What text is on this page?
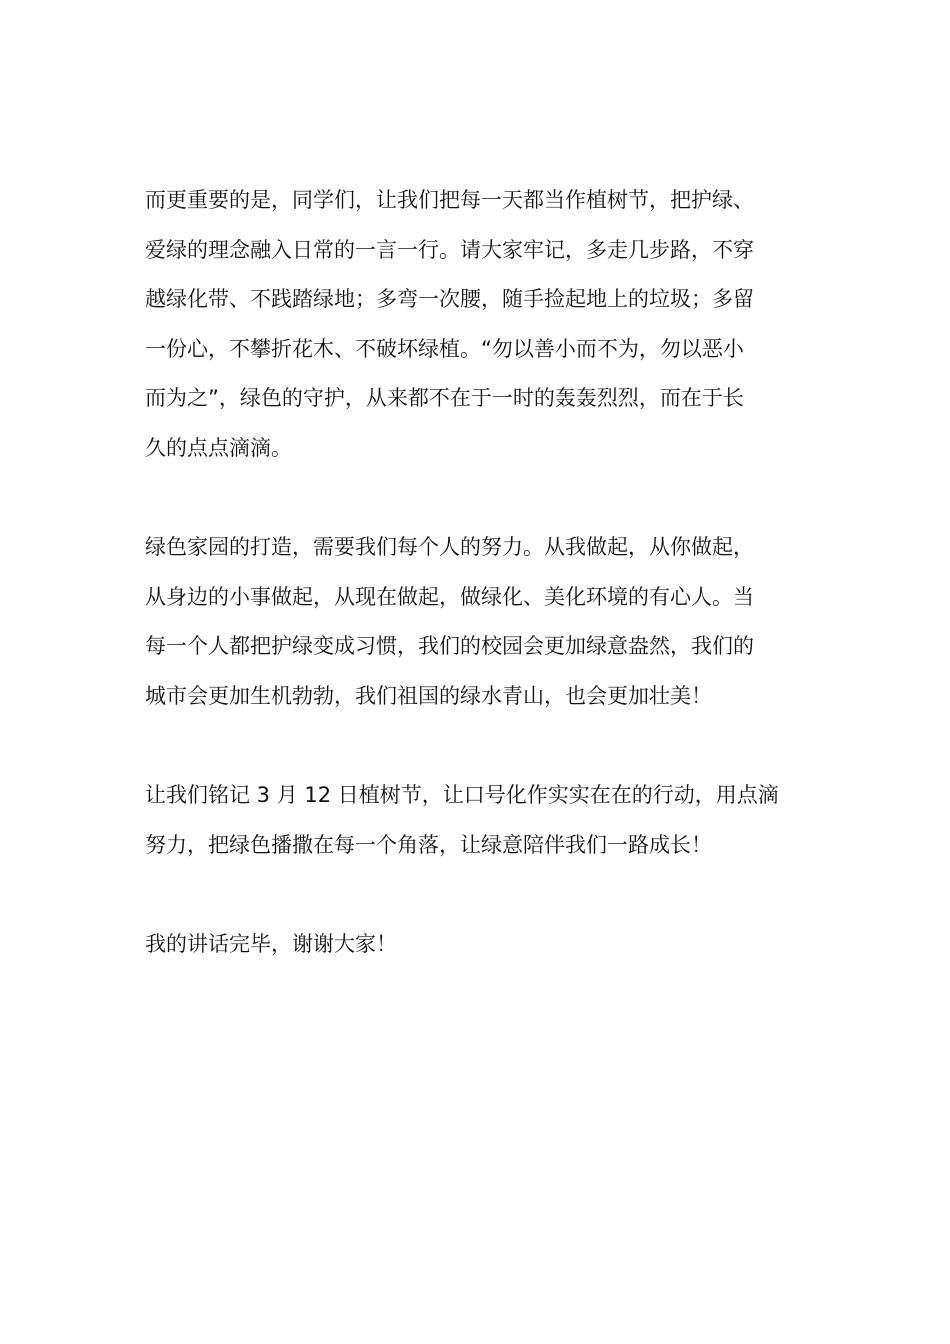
而更重要的是，同学们，让我们把每一天都当作植树节，把护绿、
爱绿的理念融入日常的一言一行。请大家牢记，多走几步路，不穿
越绿化带、不践踏绿地；多弯一次腰，随手捡起地上的垃圾；多留
一份心，不攀折花木、不破坏绿植。“勿以善小而不为，勿以恶小
而为之”，绿色的守护，从来都不在于一时的轰轰烈烈，而在于长
久的点点滴滴。
绿色家园的打造，需要我们每个人的努力。从我做起，从你做起，
从身边的小事做起，从现在做起，做绿化、美化环境的有心人。当
每一个人都把护绿变成习惯，我们的校园会更加绿意盎然，我们的
城市会更加生机勃勃，我们祖国的绿水青山，也会更加壮美！
让我们铭记 3 月 12 日植树节，让口号化作实实在在的行动，用点滴
努力，把绿色播撒在每一个角落，让绿意陪伴我们一路成长！
我的讲话完毕，谢谢大家！
